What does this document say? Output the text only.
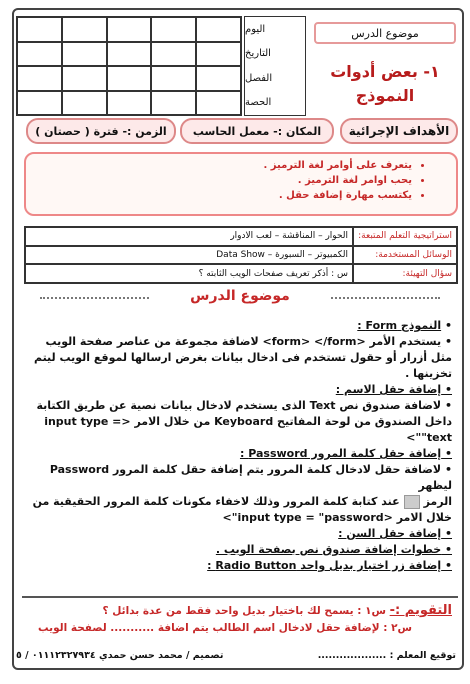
اليوم
التاريخ
الفصل
الحصة
موضوع الدرس
١- بعض أدوات النموذج
الأهداف الإجرائية
المكان :- معمل الحاسب
الزمن :- فترة ( حصتان )
• يتعرف على أوامر لغة الترميز .
• يحب اوامر لغة الترميز .
• يكتسب مهارة إضافة حقل .
استراتيجية التعلم المتبعة:
الحوار – المناقشة – لعب الادوار
الوسائل المستخدمة:
الكمبيوتر – السبورة – Data Show
سؤال التهيئة:
س : أذكر تعريف صفحات الويب الثابته ؟
موضوع الدرس

• النموذج Form :

• يستخدم الأمر <form> </form> لاضافة مجموعة من عناصر صفحة الويب مثل أزرار أو حقول تستخدم فى ادخال بيانات بغرض ارسالها لموقع الويب ليتم تخزينها .

• إضافة حقل الاسم :

• لاضافة صندوق نص Text الذى يستخدم لادخال بيانات نصية عن طريق الكتابة داخل الصندوق من لوحة المفاتيح Keyboard من خلال الامر <input type = "text">

• إضافة حقل كلمة المرور Password :

• لاضافة حقل لادخال كلمة المرور يتم إضافة حقل كلمة المرور Password ليظهر

الرمزعند كتابة كلمة المرور وذلك لاخفاء مكونات كلمة المرور الحقيقية من خلال الامر <input type = "password">

• إضافة حقل السن :

• خطوات إضافة صندوق نص بصفحة الويب .

• إضافة زر اختيار بديل واحد Radio Button :

التقويم :- س١ : يسمح لك باختيار بديل واحد فقط من عدة بدائل ؟
س٢ : لإضافة حقل لادخال اسم الطالب يتم اضافة ........... لصفحة الويب
توقيع المعلم : ...................
تصميم / محمد حسن حمدي ٠١١١٢٣٢٧٩٣٤ / ٥
